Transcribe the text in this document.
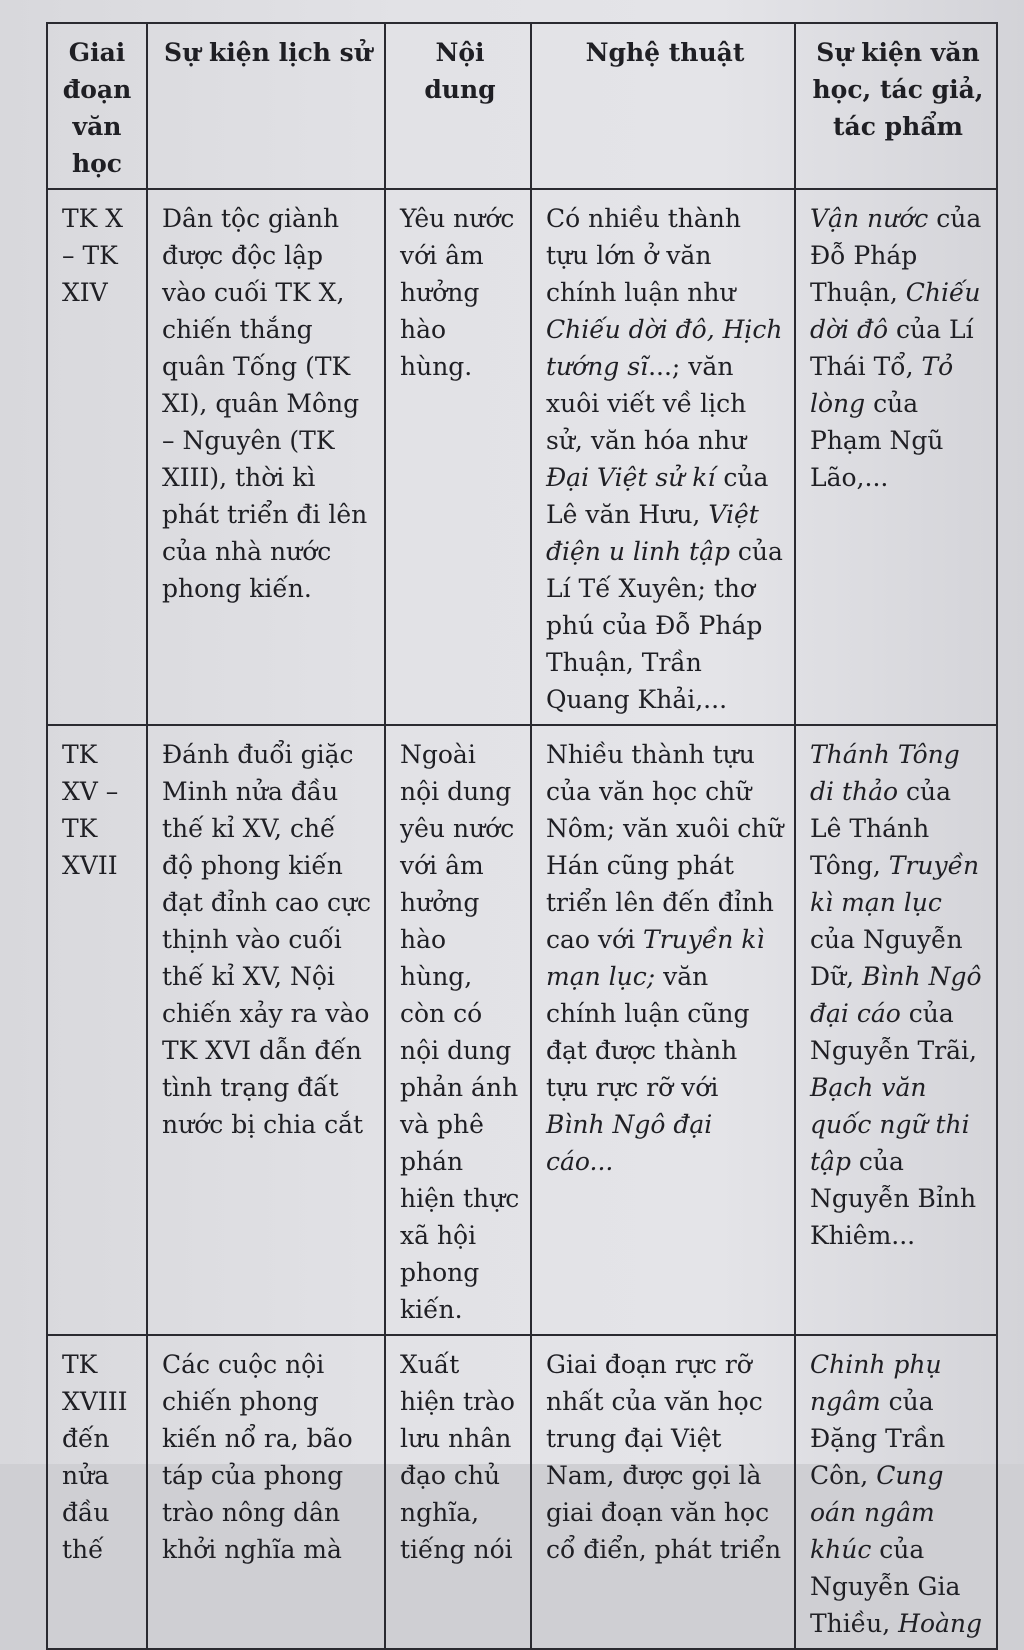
Giai đoạn văn học	Sự kiện lịch sử	Nội dung	Nghệ thuật	Sự kiện văn học, tác giả, tác phẩm
TK X – TK XIV	Dân tộc giành được độc lập vào cuối TK X, chiến thắng quân Tống (TK XI), quân Mông – Nguyên (TK XIII), thời kì phát triển đi lên của nhà nước phong kiến.	Yêu nước với âm hưởng hào hùng.	Có nhiều thành tựu lớn ở văn chính luận như Chiếu dời đô, Hịch tướng sĩ...; văn xuôi viết về lịch sử, văn hóa như Đại Việt sử kí của Lê văn Hưu, Việt điện u linh tập của Lí Tế Xuyên; thơ phú của Đỗ Pháp Thuận, Trần Quang Khải,...	Vận nước của Đỗ Pháp Thuận, Chiếu dời đô của Lí Thái Tổ, Tỏ lòng của Phạm Ngũ Lão,...
TK XV – TK XVII	Đánh đuổi giặc Minh nửa đầu thế kỉ XV, chế độ phong kiến đạt đỉnh cao cực thịnh vào cuối thế kỉ XV, Nội chiến xảy ra vào TK XVI dẫn đến tình trạng đất nước bị chia cắt	Ngoài nội dung yêu nước với âm hưởng hào hùng, còn có nội dung phản ánh và phê phán hiện thực xã hội phong kiến.	Nhiều thành tựu của văn học chữ Nôm; văn xuôi chữ Hán cũng phát triển lên đến đỉnh cao với Truyền kì mạn lục; văn chính luận cũng đạt được thành tựu rực rỡ với Bình Ngô đại cáo...	Thánh Tông di thảo của Lê Thánh Tông, Truyền kì mạn lục của Nguyễn Dữ, Bình Ngô đại cáo của Nguyễn Trãi, Bạch văn quốc ngữ thi tập của Nguyễn Bỉnh Khiêm...
TK XVIII đến nửa đầu thế	Các cuộc nội chiến phong kiến nổ ra, bão táp của phong trào nông dân khởi nghĩa mà	Xuất hiện trào lưu nhân đạo chủ nghĩa, tiếng nói	Giai đoạn rực rỡ nhất của văn học trung đại Việt Nam, được gọi là giai đoạn văn học cổ điển, phát triển	Chinh phụ ngâm của Đặng Trần Côn, Cung oán ngâm khúc của Nguyễn Gia Thiều, Hoàng
